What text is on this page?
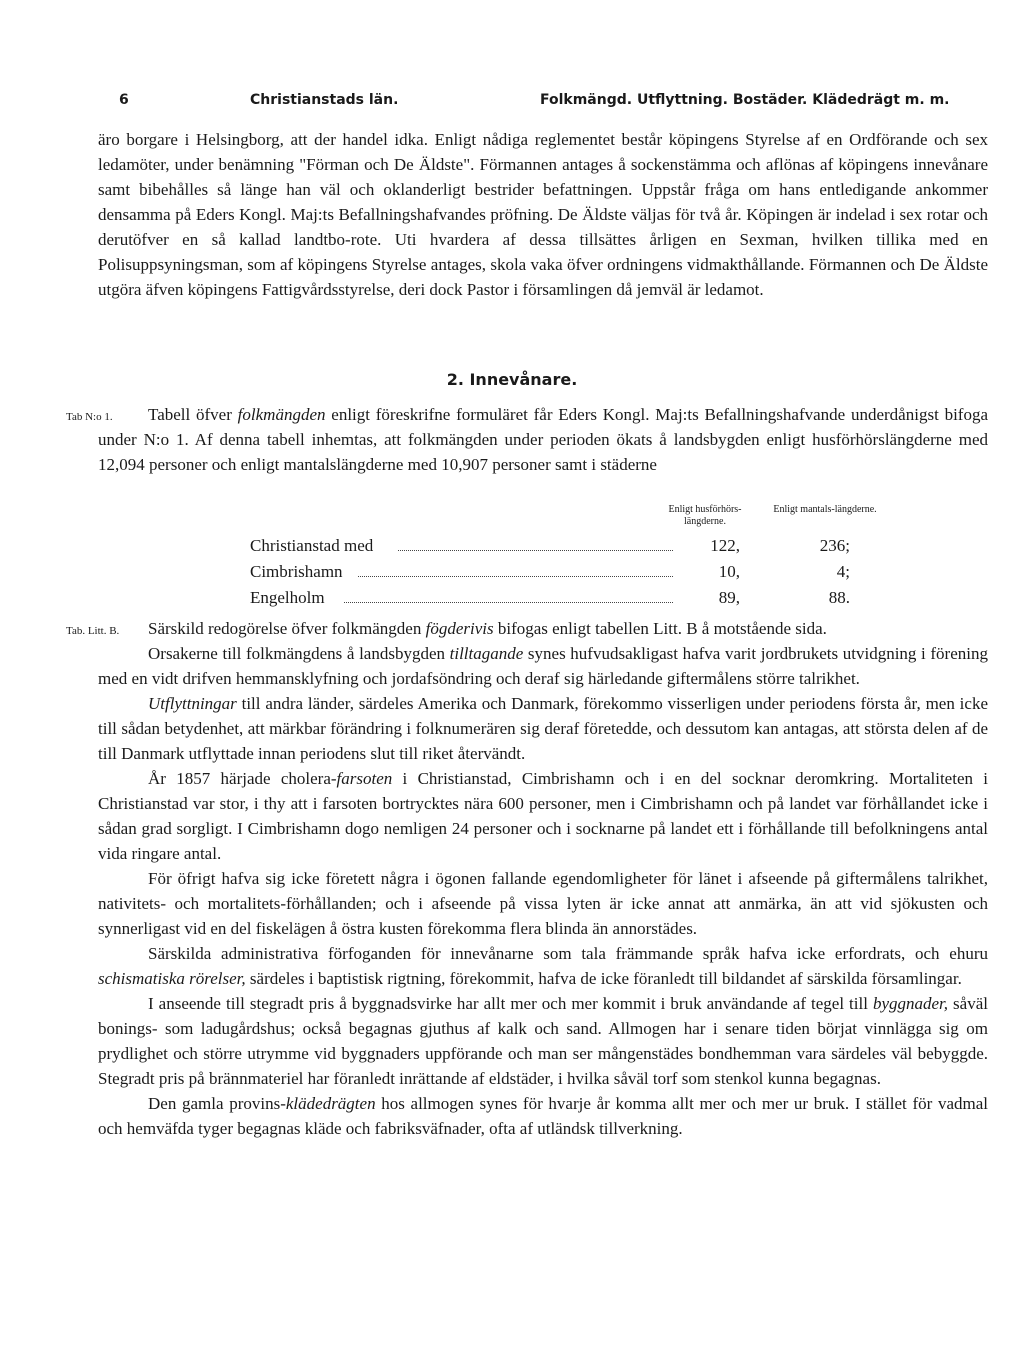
6	Christianstads län.	Folkmängd. Utflyttning. Bostäder. Klädedrägt m. m.

äro borgare i Helsingborg, att der handel idka. Enligt nådiga reglementet består köpingens Styrelse af en Ordförande och sex ledamöter, under benämning "Förman och De Äldste". Förmannen antages å sockenstämma och aflönas af köpingens innevånare samt bibehålles så länge han väl och oklanderligt bestrider befattningen. Uppstår fråga om hans entledigande ankommer densamma på Eders Kongl. Maj:ts Befallningshafvandes pröfning. De Äldste väljas för två år. Köpingen är indelad i sex rotar och derutöfver en så kallad landtbo-rote. Uti hvardera af dessa tillsättes årligen en Sexman, hvilken tillika med en Polisuppsyningsman, som af köpingens Styrelse antages, skola vaka öfver ordningens vidmakthållande. Förmannen och De Äldste utgöra äfven köpingens Fattigvårdsstyrelse, deri dock Pastor i församlingen då jemväl är ledamot.

2. Innevånare.
Tab N:o 1.	Tabell öfver folkmängden enligt föreskrifne formuläret får Eders Kongl. Maj:ts Befallningshafvande underdånigst bifoga under N:o 1. Af denna tabell inhemtas, att folkmängden under perioden ökats å landsbygden enligt husförhörslängderne med 12,094 personer och enligt mantalslängderne med 10,907 personer samt i städerne

Enligt husförhörs-längderne.
Enligt mantals-längderne.
Christianstad med	122,	236;
Cimbrishamn	10,	4;
Engelholm	89,	88.
Tab. Litt. B.	Särskild redogörelse öfver folkmängden fögderivis bifogas enligt tabellen Litt. B å motstående sida.

Orsakerne till folkmängdens å landsbygden tilltagande synes hufvudsakligast hafva varit jordbrukets utvidgning i förening med en vidt drifven hemmansklyfning och jordafsöndring och deraf sig härledande giftermålens större talrikhet.

Utflyttningar till andra länder, särdeles Amerika och Danmark, förekommo visserligen under periodens första år, men icke till sådan betydenhet, att märkbar förändring i folknumerären sig deraf företedde, och dessutom kan antagas, att största delen af de till Danmark utflyttade innan periodens slut till riket återvändt.

År 1857 härjade cholera-farsoten i Christianstad, Cimbrishamn och i en del socknar deromkring. Mortaliteten i Christianstad var stor, i thy att i farsoten bortrycktes nära 600 personer, men i Cimbrishamn och på landet var förhållandet icke i sådan grad sorgligt. I Cimbrishamn dogo nemligen 24 personer och i socknarne på landet ett i förhållande till befolkningens antal vida ringare antal.

För öfrigt hafva sig icke företett några i ögonen fallande egendomligheter för länet i afseende på giftermålens talrikhet, nativitets- och mortalitets-förhållanden; och i afseende på vissa lyten är icke annat att anmärka, än att vid sjökusten och synnerligast vid en del fiskelägen å östra kusten förekomma flera blinda än annorstädes.

Särskilda administrativa förfoganden för innevånarne som tala främmande språk hafva icke erfordrats, och ehuru schismatiska rörelser, särdeles i baptistisk rigtning, förekommit, hafva de icke föranledt till bildandet af särskilda församlingar.

I anseende till stegradt pris å byggnadsvirke har allt mer och mer kommit i bruk användande af tegel till byggnader, såväl bonings- som ladugårdshus; också begagnas gjuthus af kalk och sand. Allmogen har i senare tiden börjat vinnlägga sig om prydlighet och större utrymme vid byggnaders uppförande och man ser mångenstädes bondhemman vara särdeles väl bebyggde. Stegradt pris på brännmateriel har föranledt inrättande af eldstäder, i hvilka såväl torf som stenkol kunna begagnas.

Den gamla provins-klädedrägten hos allmogen synes för hvarje år komma allt mer och mer ur bruk. I stället för vadmal och hemväfda tyger begagnas kläde och fabriksväfnader, ofta af utländsk tillverkning.
